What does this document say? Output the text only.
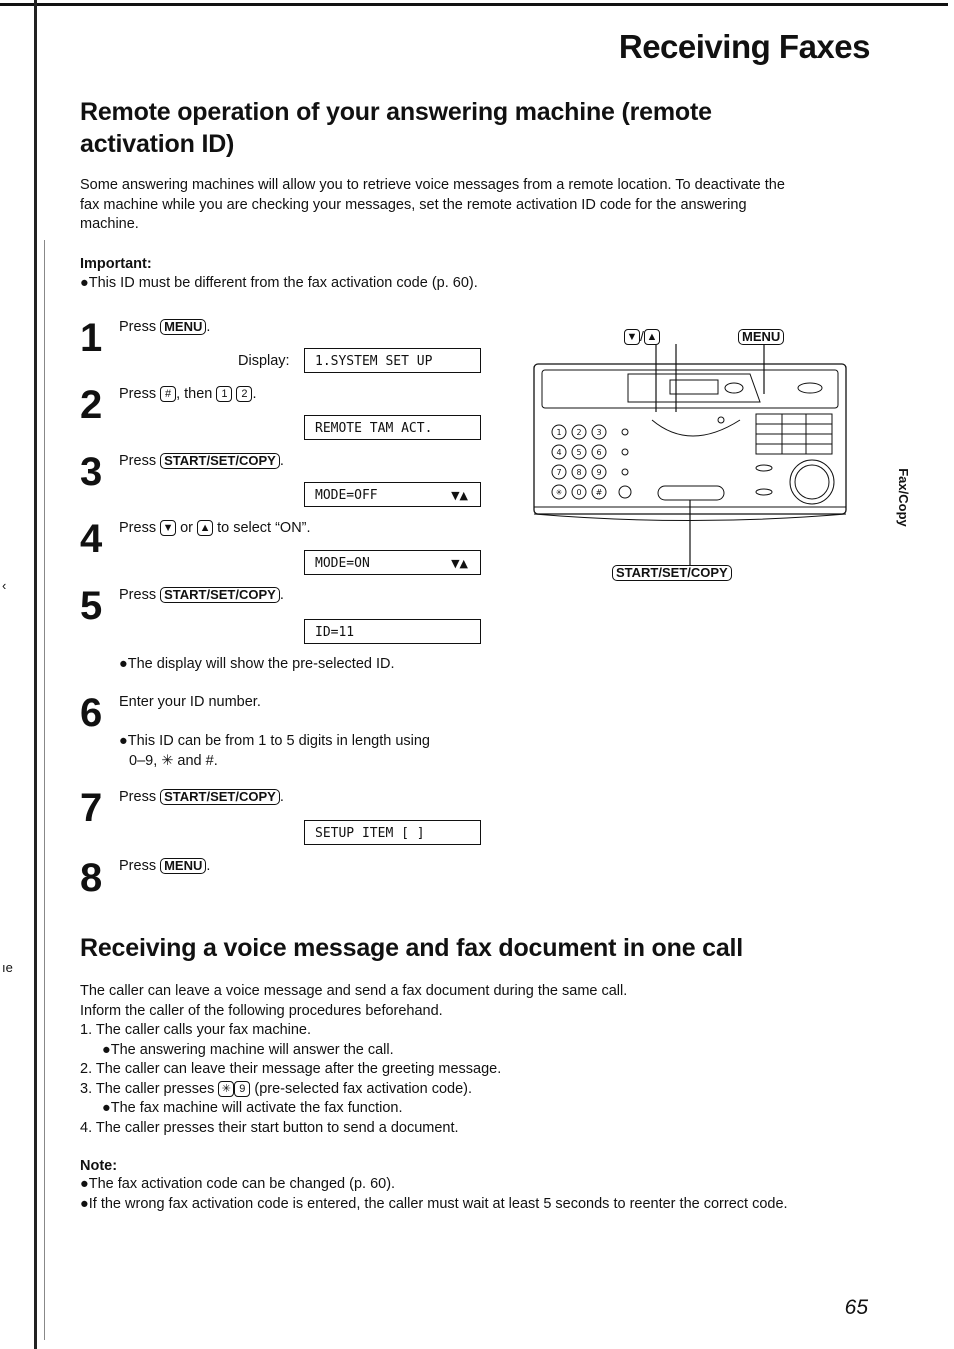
‹
ıe
Receiving Faxes
Remote operation of your answering machine (remote
activation ID)
Some answering machines will allow you to retrieve voice messages from a remote location. To deactivate the
fax machine while you are checking your messages, set the remote activation ID code for the answering
machine.
Important:
●This ID must be different from the fax activation code (p. 60).
1 Press MENU .
Display:	1.SYSTEM SET UP
2 Press # , then 1 2 .
REMOTE TAM ACT.
3 Press START/SET/COPY .
MODE=OFF	▼▲
4 Press ▼ or ▲ to select “ON”.
MODE=ON	▼▲
5 Press START/SET/COPY .
ID=11
●The display will show the pre-selected ID.
6 Enter your ID number.
●This ID can be from 1 to 5 digits in length using
0–9, ✳ and #.
7 Press START/SET/COPY .
SETUP ITEM [ ]
8 Press MENU .
▼ / ▲	MENU
1 2 3
4 5 6
7 8 9
✳ 0 #
START/SET/COPY
Fax/Copy
Receiving a voice message and fax document in one call
The caller can leave a voice message and send a fax document during the same call.
Inform the caller of the following procedures beforehand.
1. The caller calls your fax machine.
●The answering machine will answer the call.
2. The caller can leave their message after the greeting message.
3. The caller presses ✳ 9 (pre-selected fax activation code).
●The fax machine will activate the fax function.
4. The caller presses their start button to send a document.
Note:
●The fax activation code can be changed (p. 60).
●If the wrong fax activation code is entered, the caller must wait at least 5 seconds to reenter the correct code.
65
